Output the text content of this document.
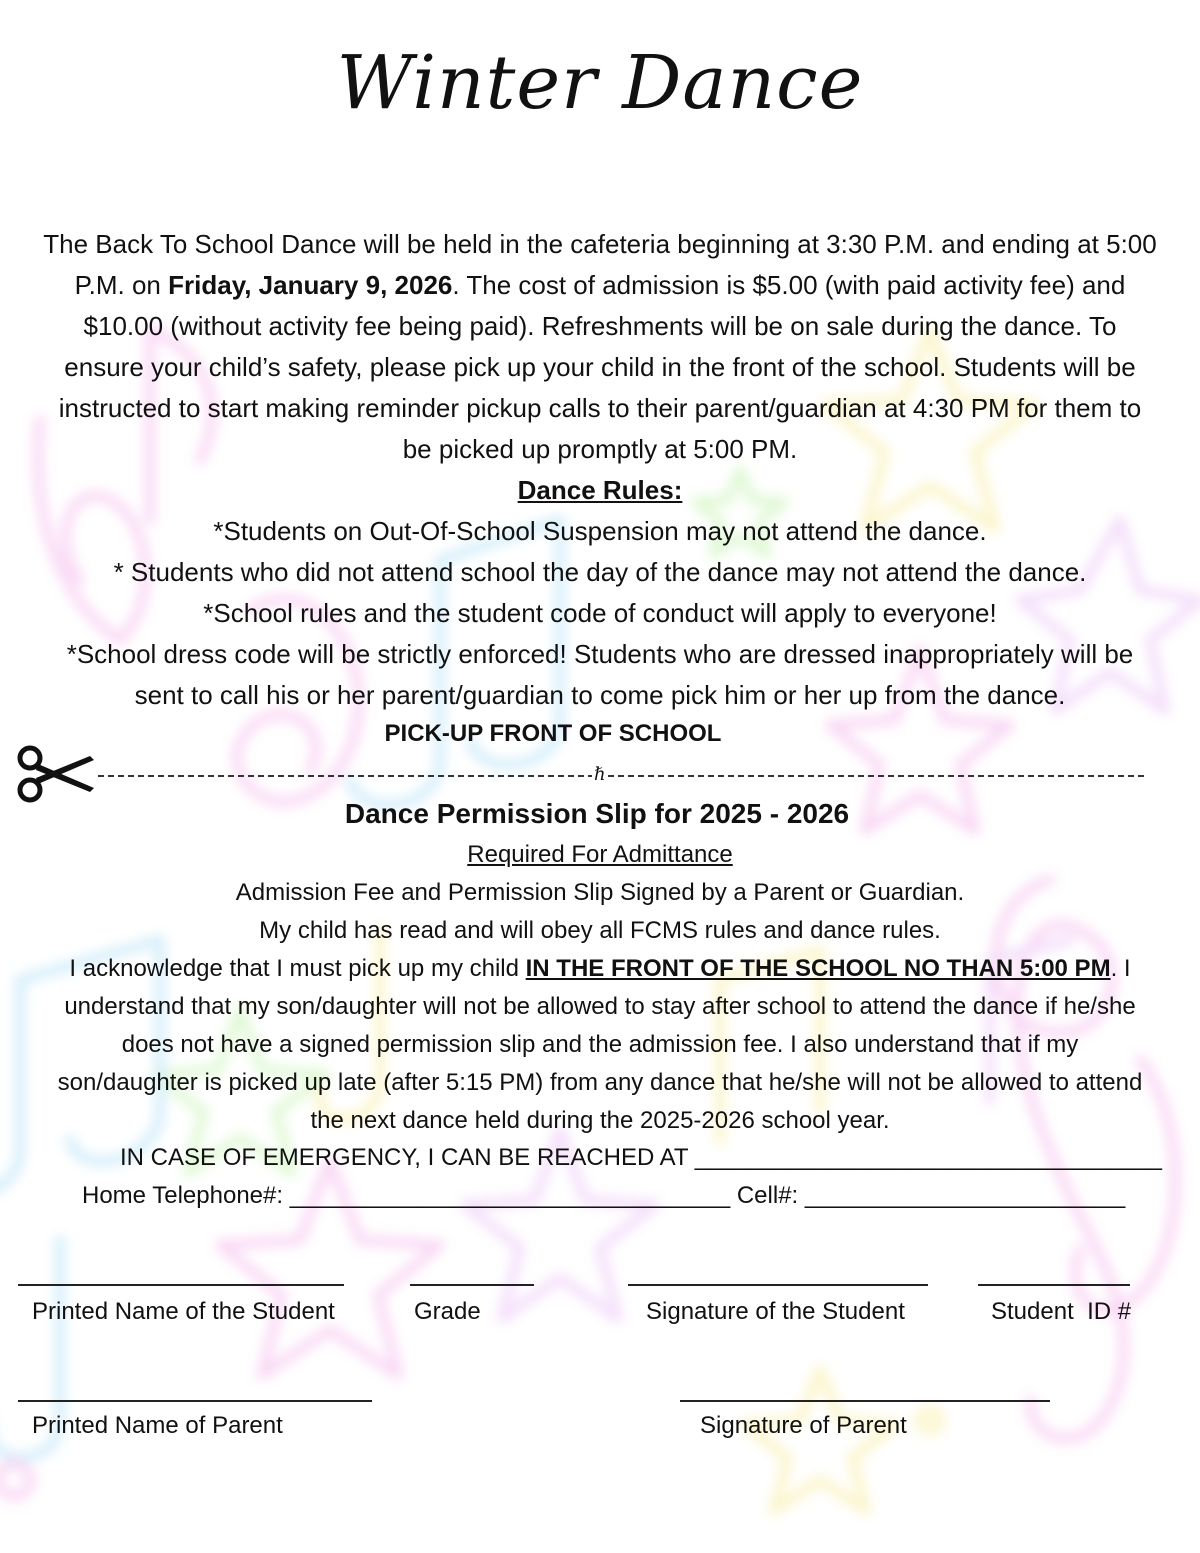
Winter Dance
The Back To School Dance will be held in the cafeteria beginning at 3:30 P.M. and ending at 5:00
P.M. on Friday, January 9, 2026. The cost of admission is $5.00 (with paid activity fee) and
$10.00 (without activity fee being paid). Refreshments will be on sale during the dance. To
ensure your child’s safety, please pick up your child in the front of the school. Students will be
instructed to start making reminder pickup calls to their parent/guardian at 4:30 PM for them to
be picked up promptly at 5:00 PM.
Dance Rules:
*Students on Out-Of-School Suspension may not attend the dance.
* Students who did not attend school the day of the dance may not attend the dance.
*School rules and the student code of conduct will apply to everyone!
*School dress code will be strictly enforced! Students who are dressed inappropriately will be
sent to call his or her parent/guardian to come pick him or her up from the dance.
PICK-UP FRONT OF SCHOOL
ℏ
Dance Permission Slip for 2025 - 2026
Required For Admittance
Admission Fee and Permission Slip Signed by a Parent or Guardian.
My child has read and will obey all FCMS rules and dance rules.
I acknowledge that I must pick up my child IN THE FRONT OF THE SCHOOL NO THAN 5:00 PM. I
understand that my son/daughter will not be allowed to stay after school to attend the dance if he/she
does not have a signed permission slip and the admission fee. I also understand that if my
son/daughter is picked up late (after 5:15 PM) from any dance that he/she will not be allowed to attend
the next dance held during the 2025-2026 school year.
IN CASE OF EMERGENCY, I CAN BE REACHED AT ___________________________________
Home Telephone#: _________________________________ Cell#: ________________________
Printed Name of the Student	Grade	Signature of the Student	Student  ID #
Printed Name of Parent	Signature of Parent
